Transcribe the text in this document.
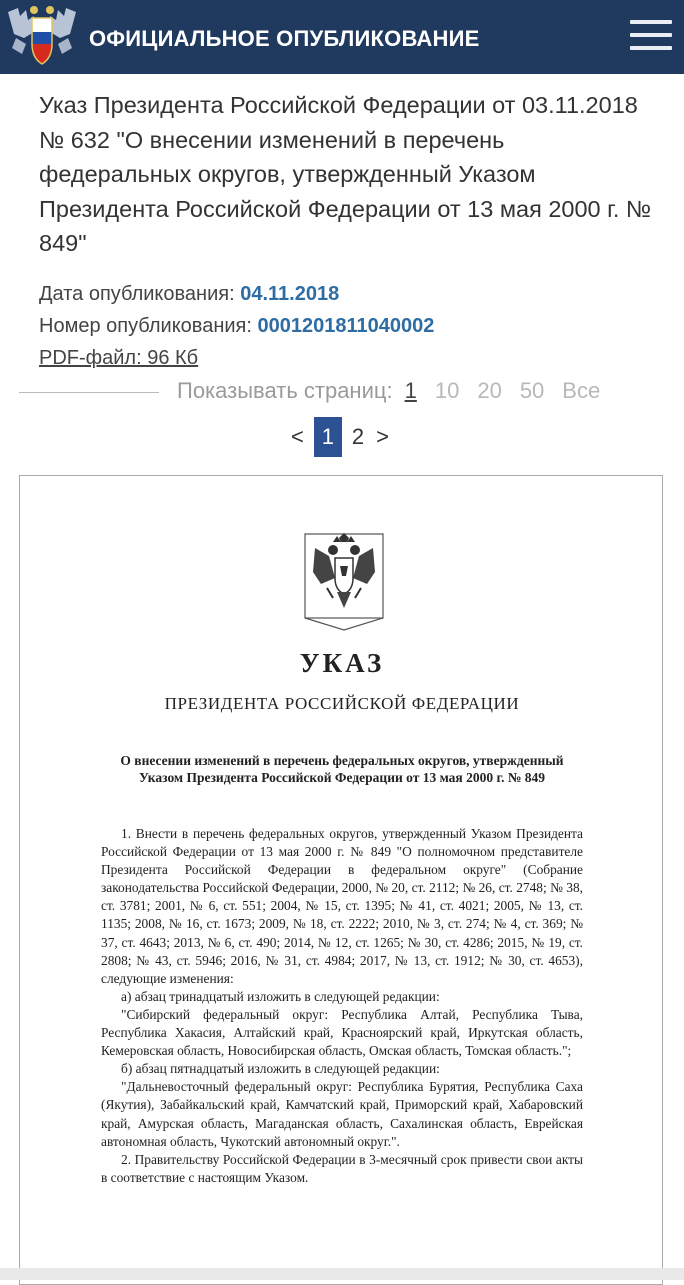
ОФИЦИАЛЬНОЕ ОПУБЛИКОВАНИЕ
Указ Президента Российской Федерации от 03.11.2018 № 632 "О внесении изменений в перечень федеральных округов, утвержденный Указом Президента Российской Федерации от 13 мая 2000 г. № 849"
Дата опубликования: 04.11.2018
Номер опубликования: 0001201811040002
PDF-файл: 96 Кб
Показывать страниц: 1 10 20 50 Все
< 1 2 >
УКАЗ
ПРЕЗИДЕНТА РОССИЙСКОЙ ФЕДЕРАЦИИ
О внесении изменений в перечень федеральных округов, утвержденный Указом Президента Российской Федерации от 13 мая 2000 г. № 849

1. Внести в перечень федеральных округов, утвержденный Указом Президента Российской Федерации от 13 мая 2000 г. № 849 "О полномочном представителе Президента Российской Федерации в федеральном округе" (Собрание законодательства Российской Федерации, 2000, № 20, ст. 2112; № 26, ст. 2748; № 38, ст. 3781; 2001, № 6, ст. 551; 2004, № 15, ст. 1395; № 41, ст. 4021; 2005, № 13, ст. 1135; 2008, № 16, ст. 1673; 2009, № 18, ст. 2222; 2010, № 3, ст. 274; № 4, ст. 369; № 37, ст. 4643; 2013, № 6, ст. 490; 2014, № 12, ст. 1265; № 30, ст. 4286; 2015, № 19, ст. 2808; № 43, ст. 5946; 2016, № 31, ст. 4984; 2017, № 13, ст. 1912; № 30, ст. 4653), следующие изменения:

а) абзац тринадцатый изложить в следующей редакции:

"Сибирский федеральный округ: Республика Алтай, Республика Тыва, Республика Хакасия, Алтайский край, Красноярский край, Иркутская область, Кемеровская область, Новосибирская область, Омская область, Томская область.";

б) абзац пятнадцатый изложить в следующей редакции:

"Дальневосточный федеральный округ: Республика Бурятия, Республика Саха (Якутия), Забайкальский край, Камчатский край, Приморский край, Хабаровский край, Амурская область, Магаданская область, Сахалинская область, Еврейская автономная область, Чукотский автономный округ.".

2. Правительству Российской Федерации в 3-месячный срок привести свои акты в соответствие с настоящим Указом.
